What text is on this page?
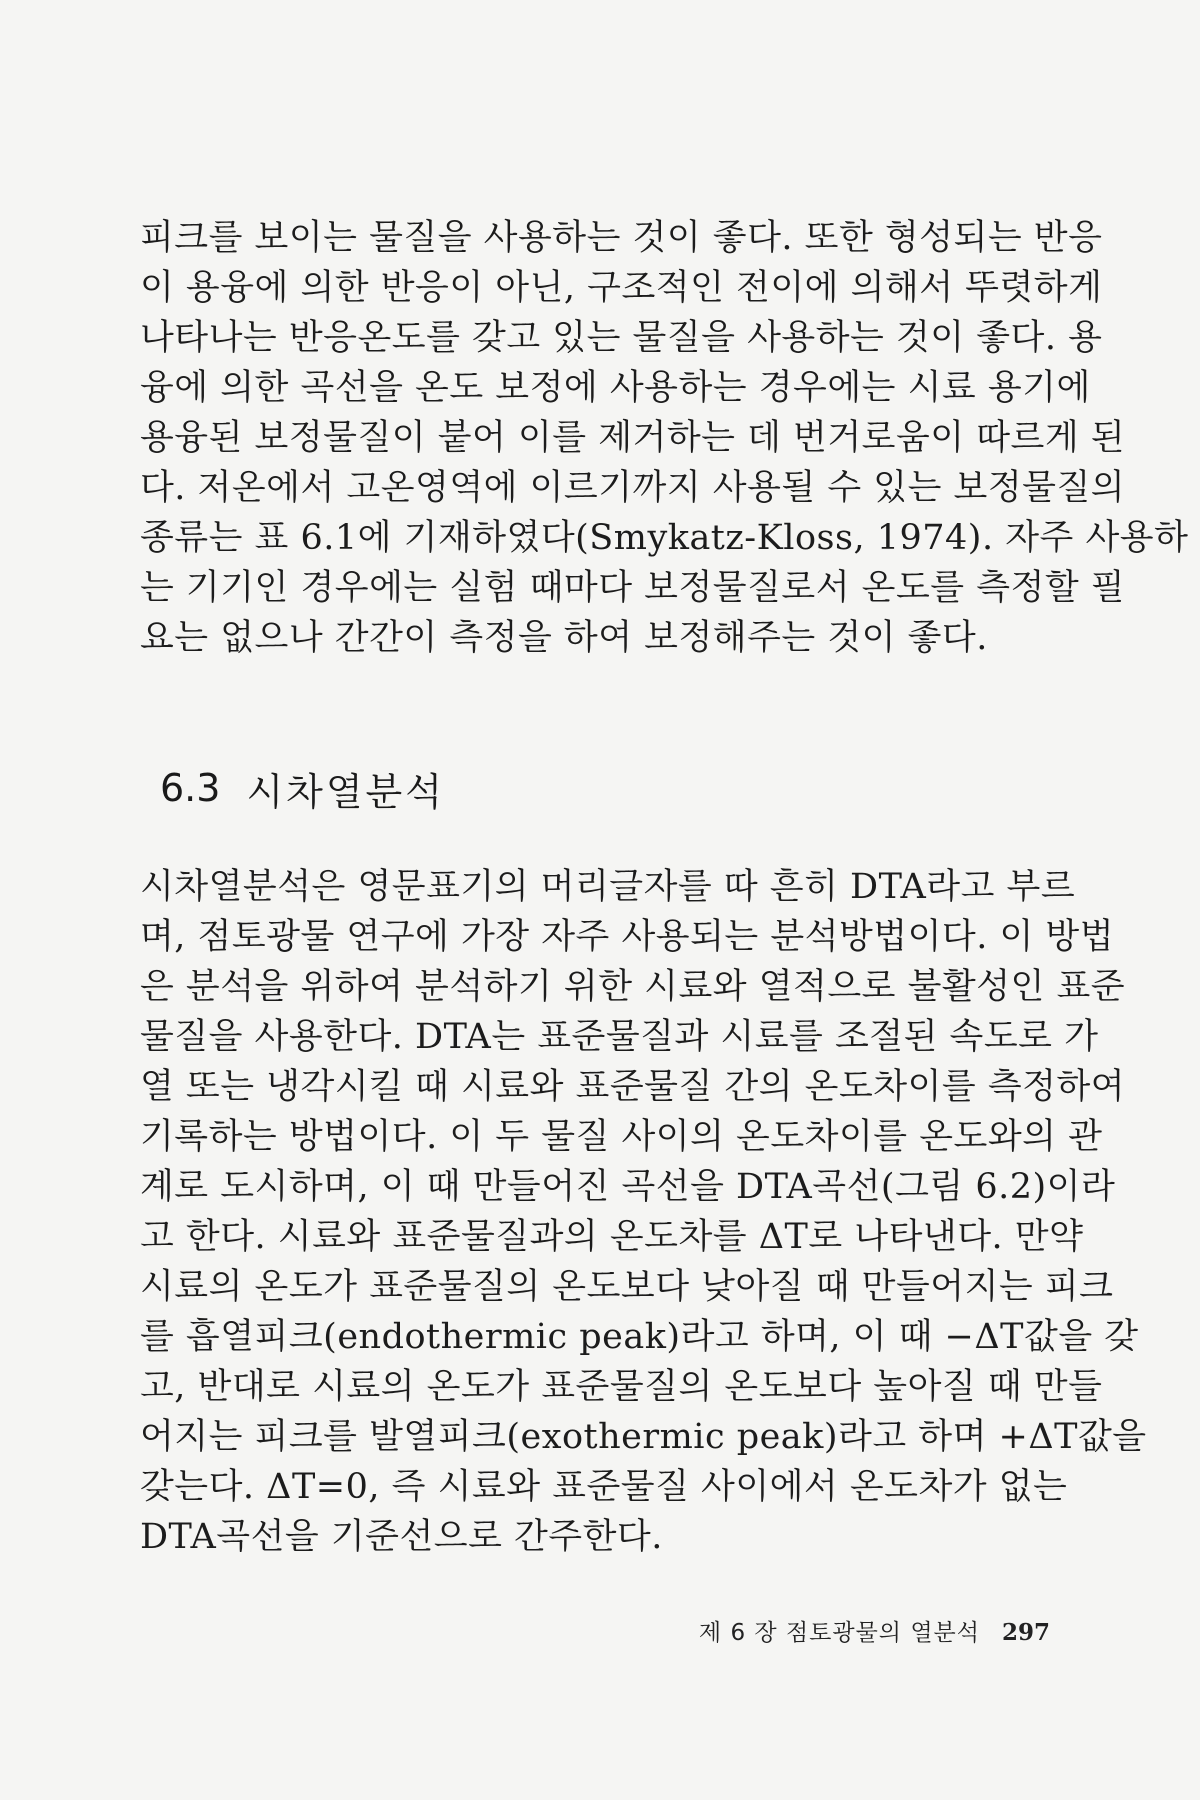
피크를 보이는 물질을 사용하는 것이 좋다. 또한 형성되는 반응
이 용융에 의한 반응이 아닌, 구조적인 전이에 의해서 뚜렷하게
나타나는 반응온도를 갖고 있는 물질을 사용하는 것이 좋다. 용
융에 의한 곡선을 온도 보정에 사용하는 경우에는 시료 용기에
용융된 보정물질이 붙어 이를 제거하는 데 번거로움이 따르게 된
다. 저온에서 고온영역에 이르기까지 사용될 수 있는 보정물질의
종류는 표 6.1에 기재하였다(Smykatz-Kloss, 1974). 자주 사용하
는 기기인 경우에는 실험 때마다 보정물질로서 온도를 측정할 필
요는 없으나 간간이 측정을 하여 보정해주는 것이 좋다.
6.3 시차열분석
시차열분석은 영문표기의 머리글자를 따 흔히 DTA라고 부르
며, 점토광물 연구에 가장 자주 사용되는 분석방법이다. 이 방법
은 분석을 위하여 분석하기 위한 시료와 열적으로 불활성인 표준
물질을 사용한다. DTA는 표준물질과 시료를 조절된 속도로 가
열 또는 냉각시킬 때 시료와 표준물질 간의 온도차이를 측정하여
기록하는 방법이다. 이 두 물질 사이의 온도차이를 온도와의 관
계로 도시하며, 이 때 만들어진 곡선을 DTA곡선(그림 6.2)이라
고 한다. 시료와 표준물질과의 온도차를 ΔT로 나타낸다. 만약
시료의 온도가 표준물질의 온도보다 낮아질 때 만들어지는 피크
를 흡열피크(endothermic peak)라고 하며, 이 때 −ΔT값을 갖
고, 반대로 시료의 온도가 표준물질의 온도보다 높아질 때 만들
어지는 피크를 발열피크(exothermic peak)라고 하며 +ΔT값을
갖는다. ΔT=0, 즉 시료와 표준물질 사이에서 온도차가 없는
DTA곡선을 기준선으로 간주한다.
제 6 장 점토광물의 열분석 297
